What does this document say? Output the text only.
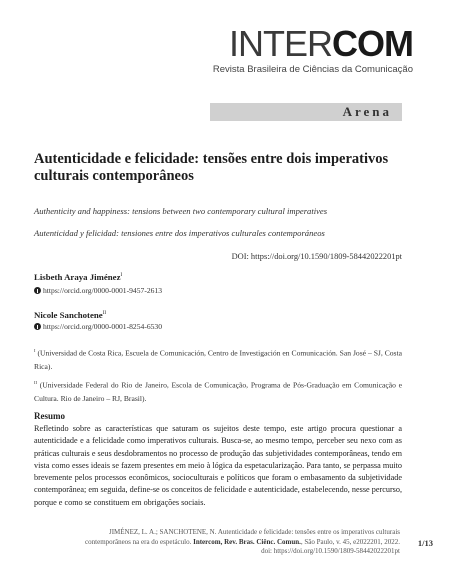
INTERCOM
Revista Brasileira de Ciências da Comunicação
Arena
Autenticidade e felicidade: tensões entre dois imperativos culturais contemporâneos
Authenticity and happiness: tensions between two contemporary cultural imperatives
Autenticidad y felicidad: tensiones entre dos imperativos culturales contemporáneos
DOI: https://doi.org/10.1590/1809-58442022201pt
Lisbeth Araya Jiménez$^I$
https://orcid.org/0000-0001-9457-2613
Nicole Sanchotene$^{II}$
https://orcid.org/0000-0001-8254-6530
$^I$ (Universidad de Costa Rica, Escuela de Comunicación, Centro de Investigación en Comunicación. San José – SJ, Costa Rica).
$^{II}$ (Universidade Federal do Rio de Janeiro, Escola de Comunicação, Programa de Pós-Graduação em Comunicação e Cultura. Rio de Janeiro – RJ, Brasil).
Resumo
Refletindo sobre as características que saturam os sujeitos deste tempo, este artigo procura questionar a autenticidade e a felicidade como imperativos culturais. Busca-se, ao mesmo tempo, perceber seu nexo com as práticas culturais e seus desdobramentos no processo de produção das subjetividades contemporâneas, tendo em vista como esses ideais se fazem presentes em meio à lógica da espetacularização. Para tanto, se perpassa muito brevemente pelos processos econômicos, socioculturais e políticos que foram o embasamento da subjetividade contemporânea; em seguida, define-se os conceitos de felicidade e autenticidade, estabelecendo, nesse percurso, porque e como se constituem em obrigações sociais.
JIMÉNEZ, L. A.; SANCHOTENE, N. Autenticidade e felicidade: tensões entre os imperativos culturais
contemporâneos na era do espetáculo. Intercom, Rev. Bras. Ciênc. Comun., São Paulo, v. 45, e2022201, 2022.
doi: https://doi.org/10.1590/1809-58442022201pt
1/13
